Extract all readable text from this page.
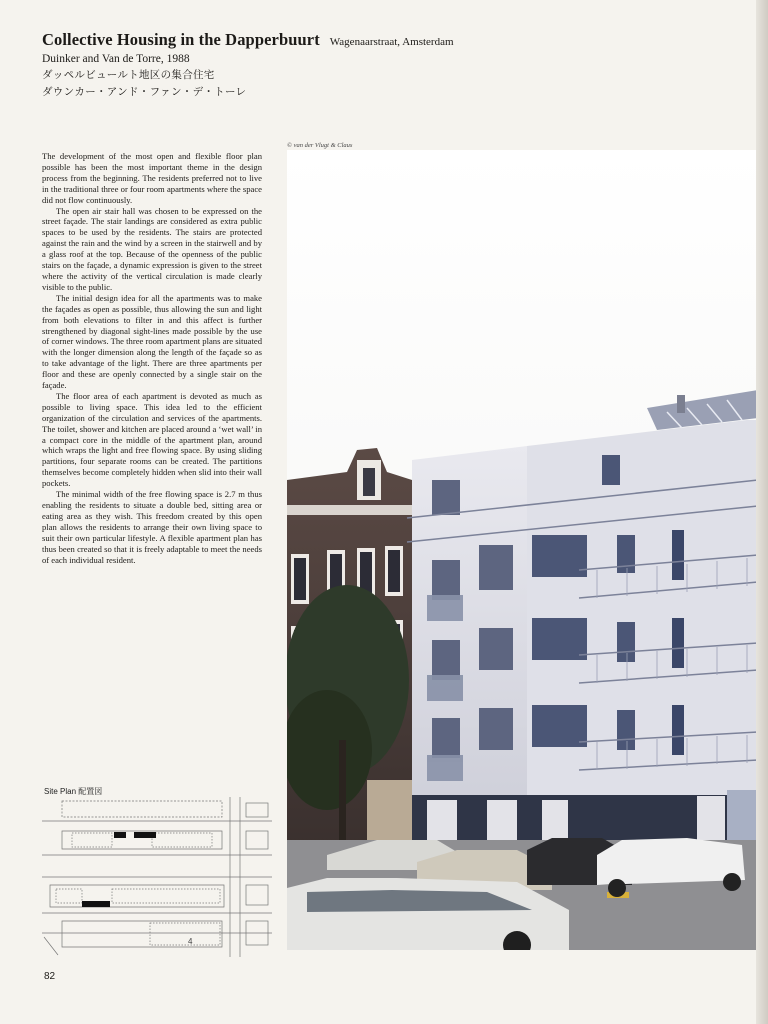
Collective Housing in the Dapperbuurt Wagenaarstraat, Amsterdam
Duinker and Van de Torre, 1988
ダッペルビュールト地区の集合住宅
ダウンカー・アンド・ファン・デ・トーレ
© van der Vlugt & Claus

The development of the most open and flexible floor plan possible has been the most important theme in the design process from the beginning. The residents preferred not to live in the traditional three or four room apartments where the space did not flow continuously.

The open air stair hall was chosen to be expressed on the street façade. The stair landings are considered as extra public spaces to be used by the residents. The stairs are protected against the rain and the wind by a screen in the stairwell and by a glass roof at the top. Because of the openness of the public stairs on the façade, a dynamic expression is given to the street where the activity of the vertical circulation is made clearly visible to the public.

The initial design idea for all the apartments was to make the façades as open as possible, thus allowing the sun and light from both elevations to filter in and this affect is further strengthened by diagonal sight-lines made possible by the use of corner windows. The three room apartment plans are situated with the longer dimension along the length of the façade so as to take advantage of the light. There are three apartments per floor and these are openly connected by a single stair on the façade.

The floor area of each apartment is devoted as much as possible to living space. This idea led to the efficient organization of the circulation and services of the apartments. The toilet, shower and kitchen are placed around a ‘wet wall’ in a compact core in the middle of the apartment plan, around which wraps the light and free flowing space. By using sliding partitions, four separate rooms can be created. The partitions themselves become completely hidden when slid into their wall pockets.

The minimal width of the free flowing space is 2.7 m thus enabling the residents to situate a double bed, sitting area or eating area as they wish. This freedom created by this open plan allows the residents to arrange their own living space to suit their own particular lifestyle. A flexible apartment plan has thus been created so that it is freely adaptable to meet the needs of each individual resident.

Site Plan 配置図
4
82
